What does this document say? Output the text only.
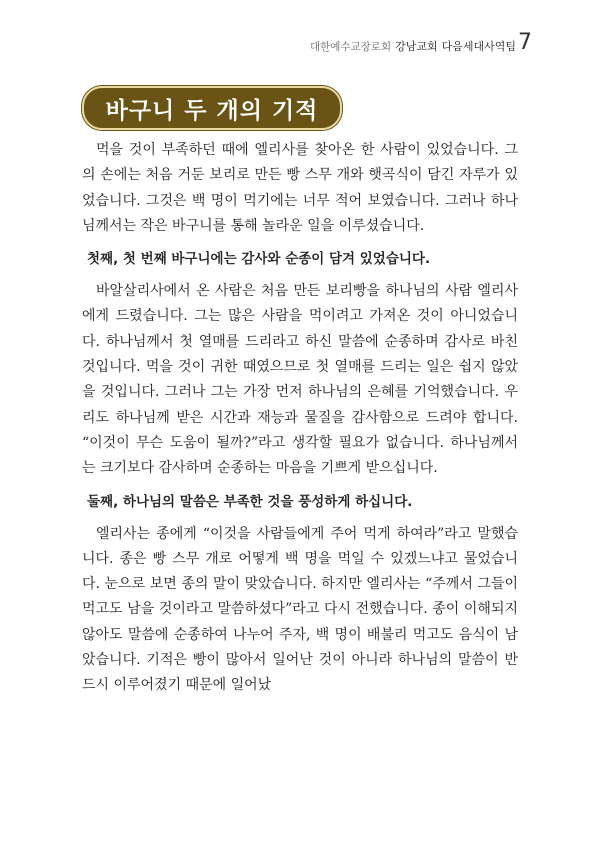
대한예수교장로회 강남교회 다음세대사역팀 7
바구니 두 개의 기적

먹을 것이 부족하던 때에 엘리사를 찾아온 한 사람이 있었습니다. 그의 손에는 처음 거둔 보리로 만든 빵 스무 개와 햇곡식이 담긴 자루가 있었습니다. 그것은 백 명이 먹기에는 너무 적어 보였습니다. 그러나 하나님께서는 작은 바구니를 통해 놀라운 일을 이루셨습니다.

첫째, 첫 번째 바구니에는 감사와 순종이 담겨 있었습니다.

바알살리사에서 온 사람은 처음 만든 보리빵을 하나님의 사람 엘리사에게 드렸습니다. 그는 많은 사람을 먹이려고 가져온 것이 아니었습니다. 하나님께서 첫 열매를 드리라고 하신 말씀에 순종하며 감사로 바친 것입니다. 먹을 것이 귀한 때였으므로 첫 열매를 드리는 일은 쉽지 않았을 것입니다. 그러나 그는 가장 먼저 하나님의 은혜를 기억했습니다. 우리도 하나님께 받은 시간과 재능과 물질을 감사함으로 드려야 합니다. “이것이 무슨 도움이 될까?”라고 생각할 필요가 없습니다. 하나님께서는 크기보다 감사하며 순종하는 마음을 기쁘게 받으십니다.

둘째, 하나님의 말씀은 부족한 것을 풍성하게 하십니다.

엘리사는 종에게 “이것을 사람들에게 주어 먹게 하여라”라고 말했습니다. 종은 빵 스무 개로 어떻게 백 명을 먹일 수 있겠느냐고 물었습니다. 눈으로 보면 종의 말이 맞았습니다. 하지만 엘리사는 “주께서 그들이 먹고도 남을 것이라고 말씀하셨다”라고 다시 전했습니다. 종이 이해되지 않아도 말씀에 순종하여 나누어 주자, 백 명이 배불리 먹고도 음식이 남았습니다. 기적은 빵이 많아서 일어난 것이 아니라 하나님의 말씀이 반드시 이루어졌기 때문에 일어났
